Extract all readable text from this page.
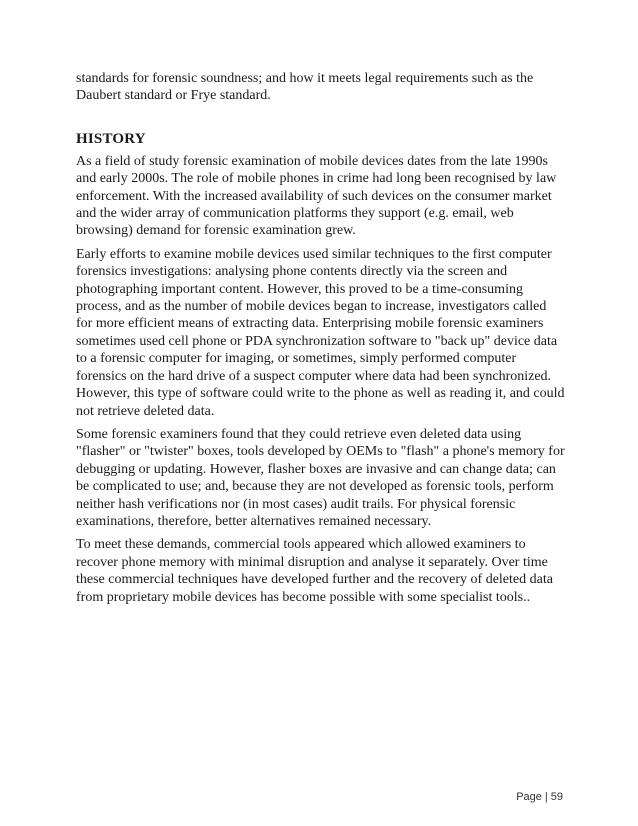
standards for forensic soundness; and how it meets legal requirements such as the Daubert standard or Frye standard.

HISTORY

As a field of study forensic examination of mobile devices dates from the late 1990s and early 2000s. The role of mobile phones in crime had long been recognised by law enforcement. With the increased availability of such devices on the consumer market and the wider array of communication platforms they support (e.g. email, web browsing) demand for forensic examination grew.

Early efforts to examine mobile devices used similar techniques to the first computer forensics investigations: analysing phone contents directly via the screen and photographing important content. However, this proved to be a time-consuming process, and as the number of mobile devices began to increase, investigators called for more efficient means of extracting data. Enterprising mobile forensic examiners sometimes used cell phone or PDA synchronization software to "back up" device data to a forensic computer for imaging, or sometimes, simply performed computer forensics on the hard drive of a suspect computer where data had been synchronized. However, this type of software could write to the phone as well as reading it, and could not retrieve deleted data.

Some forensic examiners found that they could retrieve even deleted data using "flasher" or "twister" boxes, tools developed by OEMs to "flash" a phone's memory for debugging or updating. However, flasher boxes are invasive and can change data; can be complicated to use; and, because they are not developed as forensic tools, perform neither hash verifications nor (in most cases) audit trails. For physical forensic examinations, therefore, better alternatives remained necessary.

To meet these demands, commercial tools appeared which allowed examiners to recover phone memory with minimal disruption and analyse it separately. Over time these commercial techniques have developed further and the recovery of deleted data from proprietary mobile devices has become possible with some specialist tools..

Page | 59
